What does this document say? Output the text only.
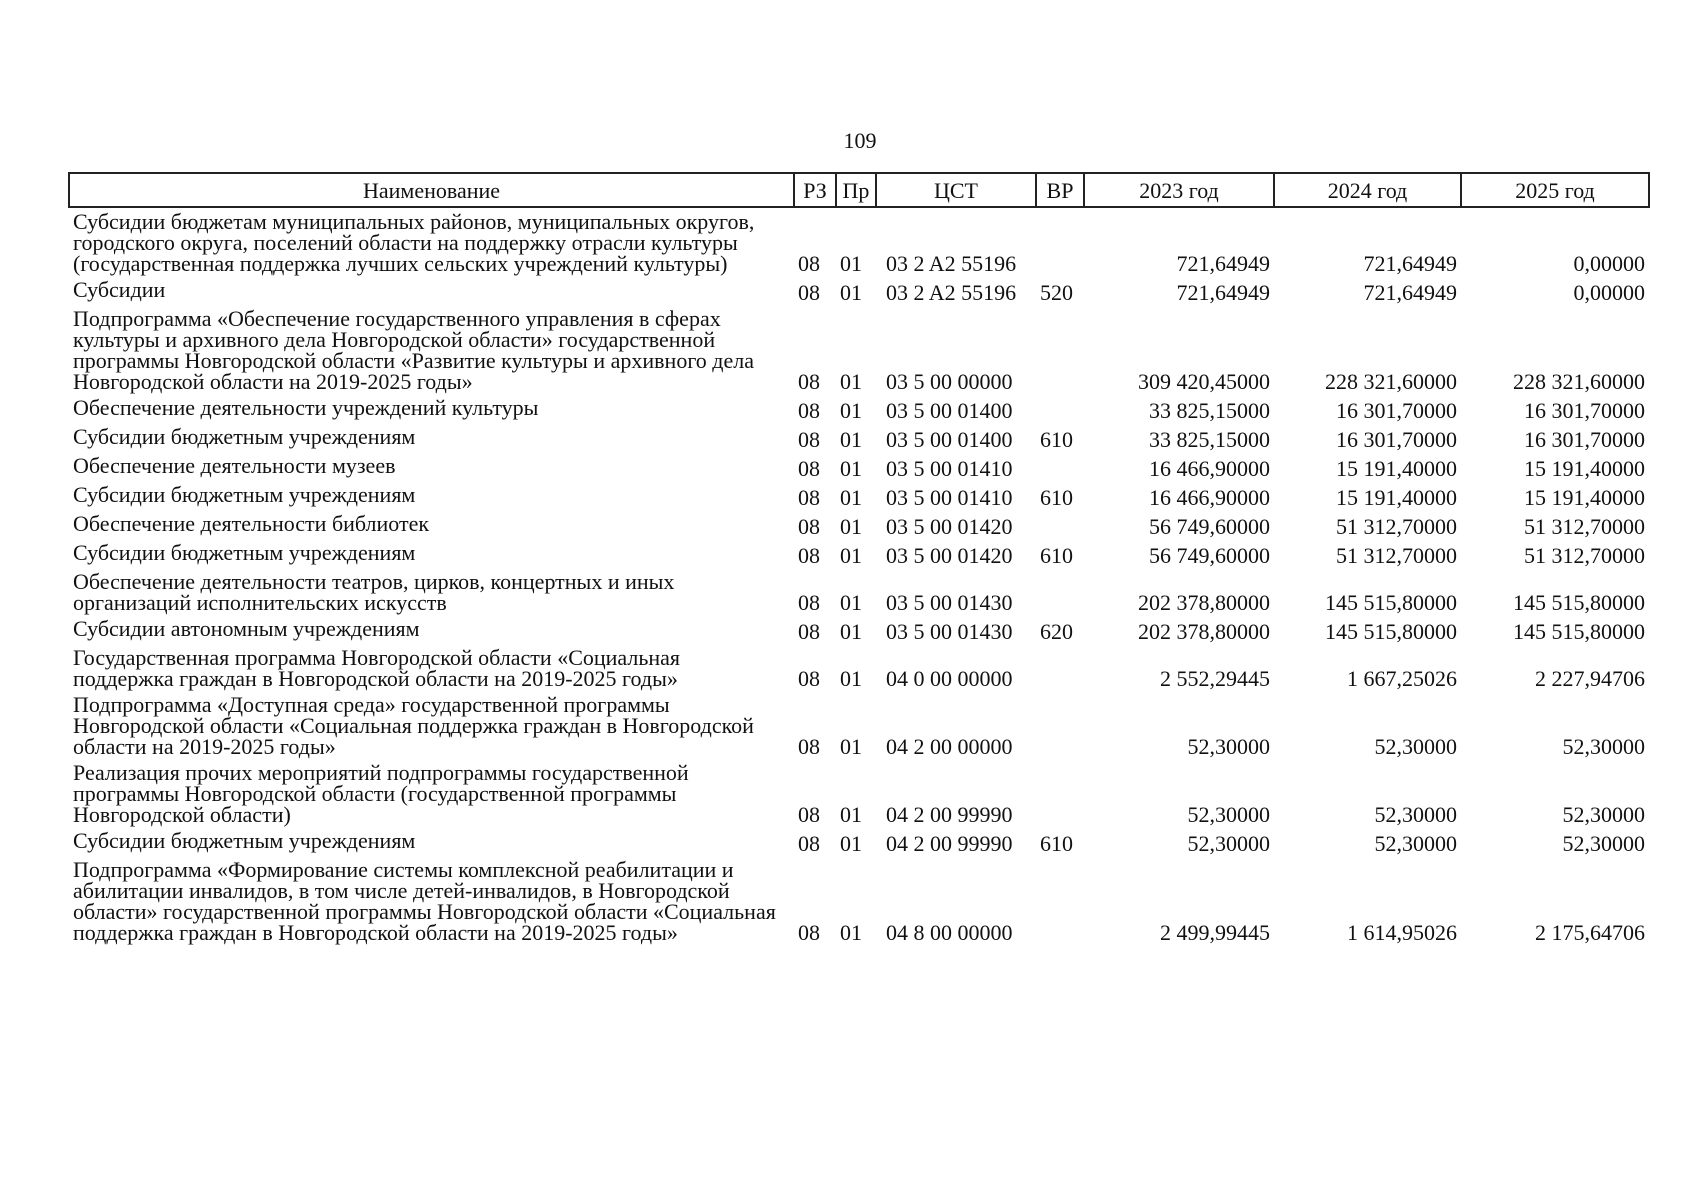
109
Наименование	РЗ	Пр	ЦСТ	ВР	2023 год	2024 год	2025 год
Субсидии бюджетам муниципальных районов, муниципальных округов, городского округа, поселений области на поддержку отрасли культуры (государственная поддержка лучших сельских учреждений культуры)	08	01	03 2 A2 55196		721,64949	721,64949	0,00000
Субсидии	08	01	03 2 A2 55196	520	721,64949	721,64949	0,00000
Подпрограмма «Обеспечение государственного управления в сферах культуры и архивного дела Новгородской области» государственной программы Новгородской области «Развитие культуры и архивного дела Новгородской области на 2019-2025 годы»	08	01	03 5 00 00000		309 420,45000	228 321,60000	228 321,60000
Обеспечение деятельности учреждений культуры	08	01	03 5 00 01400		33 825,15000	16 301,70000	16 301,70000
Субсидии бюджетным учреждениям	08	01	03 5 00 01400	610	33 825,15000	16 301,70000	16 301,70000
Обеспечение деятельности музеев	08	01	03 5 00 01410		16 466,90000	15 191,40000	15 191,40000
Субсидии бюджетным учреждениям	08	01	03 5 00 01410	610	16 466,90000	15 191,40000	15 191,40000
Обеспечение деятельности библиотек	08	01	03 5 00 01420		56 749,60000	51 312,70000	51 312,70000
Субсидии бюджетным учреждениям	08	01	03 5 00 01420	610	56 749,60000	51 312,70000	51 312,70000
Обеспечение деятельности театров, цирков, концертных и иных организаций исполнительских искусств	08	01	03 5 00 01430		202 378,80000	145 515,80000	145 515,80000
Субсидии автономным учреждениям	08	01	03 5 00 01430	620	202 378,80000	145 515,80000	145 515,80000
Государственная программа Новгородской области «Социальная поддержка граждан в Новгородской области на 2019-2025 годы»	08	01	04 0 00 00000		2 552,29445	1 667,25026	2 227,94706
Подпрограмма «Доступная среда» государственной программы Новгородской области «Социальная поддержка граждан в Новгородской области на 2019-2025 годы»	08	01	04 2 00 00000		52,30000	52,30000	52,30000
Реализация прочих мероприятий подпрограммы государственной программы Новгородской области (государственной программы Новгородской области)	08	01	04 2 00 99990		52,30000	52,30000	52,30000
Субсидии бюджетным учреждениям	08	01	04 2 00 99990	610	52,30000	52,30000	52,30000
Подпрограмма «Формирование системы комплексной реабилитации и абилитации инвалидов, в том числе детей-инвалидов, в Новгородской области» государственной программы Новгородской области «Социальная поддержка граждан в Новгородской области на 2019-2025 годы»	08	01	04 8 00 00000		2 499,99445	1 614,95026	2 175,64706
